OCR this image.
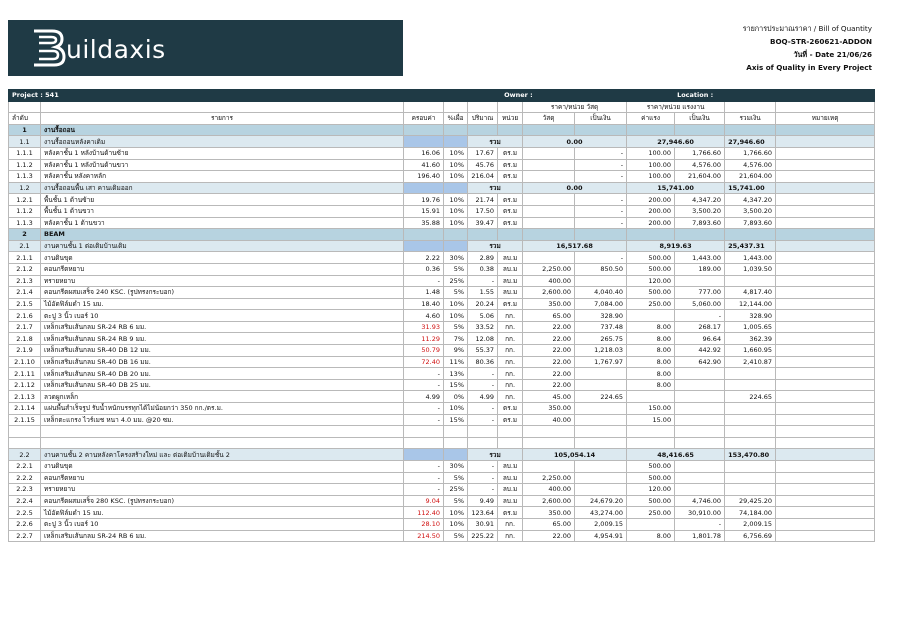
uildaxis
รายการประมาณราคา / Bill of Quantity
BOQ-STR-260621-ADDON
วันที่ - Date 21/06/26
Axis of Quality in Every Project
Project : 541					Owner :				Location :		
						ราคา/หน่วย วัสดุ		ราคา/หน่วย แรงงาน			
ลำดับ	รายการ	ครอบค่า	%เผื่อ	ปริมาณ	หน่วย	วัสดุ	เป็นเงิน	ค่าแรง	เป็นเงิน	รวมเงิน	หมายเหตุ
1	งานรื้อถอน										
1.1	งานรื้อถอนหลังคาเดิม			รวม		0.00		27,946.60		27,946.60	
1.1.1	หลังคาชั้น 1 หลังบ้านด้านซ้าย	16.06	10%	17.67	ตร.ม		-	100.00	1,766.60	1,766.60	
1.1.2	หลังคาชั้น 1 หลังบ้านด้านขวา	41.60	10%	45.76	ตร.ม		-	100.00	4,576.00	4,576.00	
1.1.3	หลังคาชั้น หลังคาหลัก	196.40	10%	216.04	ตร.ม		-	100.00	21,604.00	21,604.00	
1.2	งานรื้อถอนพื้น เสา คานเดิมออก			รวม		0.00		15,741.00		15,741.00	
1.2.1	พื้นชั้น 1 ด้านซ้าย	19.76	10%	21.74	ตร.ม		-	200.00	4,347.20	4,347.20	
1.1.2	พื้นชั้น 1 ด้านขวา	15.91	10%	17.50	ตร.ม		-	200.00	3,500.20	3,500.20	
1.1.3	หลังคาชั้น 1 ด้านขวา	35.88	10%	39.47	ตร.ม		-	200.00	7,893.60	7,893.60	
2	BEAM										
2.1	งานคานชั้น 1 ต่อเติมบ้านเดิม			รวม		16,517.68		8,919.63		25,437.31	
2.1.1	งานดินขุด	2.22	30%	2.89	ลบ.ม		-	500.00	1,443.00	1,443.00	
2.1.2	คอนกรีตหยาบ	0.36	5%	0.38	ลบ.ม	2,250.00	850.50	500.00	189.00	1,039.50	
2.1.3	ทรายหยาบ	-	25%	-	ลบ.ม	400.00		120.00			
2.1.4	คอนกรีตผสมเสร็จ 240 KSC. (รูปทรงกระบอก)	1.48	5%	1.55	ลบ.ม	2,600.00	4,040.40	500.00	777.00	4,817.40	
2.1.5	ไม้อัดฟิล์มดำ 15 มม.	18.40	10%	20.24	ตร.ม	350.00	7,084.00	250.00	5,060.00	12,144.00	
2.1.6	ตะปู 3 นิ้ว เบอร์ 10	4.60	10%	5.06	กก.	65.00	328.90		-	328.90	
2.1.7	เหล็กเสริมเส้นกลม SR-24 RB 6 มม.	31.93	5%	33.52	กก.	22.00	737.48	8.00	268.17	1,005.65	
2.1.8	เหล็กเสริมเส้นกลม SR-24 RB 9 มม.	11.29	7%	12.08	กก.	22.00	265.75	8.00	96.64	362.39	
2.1.9	เหล็กเสริมเส้นกลม SR-40 DB 12 มม.	50.79	9%	55.37	กก.	22.00	1,218.03	8.00	442.92	1,660.95	
2.1.10	เหล็กเสริมเส้นกลม SR-40 DB 16 มม.	72.40	11%	80.36	กก.	22.00	1,767.97	8.00	642.90	2,410.87	
2.1.11	เหล็กเสริมเส้นกลม SR-40 DB 20 มม.	-	13%	-	กก.	22.00		8.00			
2.1.12	เหล็กเสริมเส้นกลม SR-40 DB 25 มม.	-	15%	-	กก.	22.00		8.00			
2.1.13	ลวดผูกเหล็ก	4.99	0%	4.99	กก.	45.00	224.65			224.65	
2.1.14	แผ่นพื้นสำเร็จรูป รับน้ำหนักบรรทุกได้ไม่น้อยกว่า 350 กก./ตร.ม.	-	10%	-	ตร.ม	350.00		150.00			
2.1.15	เหล็กตะแกรง ไวร์เมช หนา 4.0 มม. @20 ซม.	-	15%	-	ตร.ม	40.00		15.00			

2.2	งานคานชั้น 2 คานหลังคาโครงสร้างใหม่ และ ต่อเติมบ้านเดิมชั้น 2			รวม		105,054.14		48,416.65		153,470.80	
2.2.1	งานดินขุด	-	30%	-	ลบ.ม			500.00			
2.2.2	คอนกรีตหยาบ	-	5%	-	ลบ.ม	2,250.00		500.00			
2.2.3	ทรายหยาบ	-	25%	-	ลบ.ม	400.00		120.00			
2.2.4	คอนกรีตผสมเสร็จ 280 KSC. (รูปทรงกระบอก)	9.04	5%	9.49	ลบ.ม	2,600.00	24,679.20	500.00	4,746.00	29,425.20	
2.2.5	ไม้อัดฟิล์มดำ 15 มม.	112.40	10%	123.64	ตร.ม	350.00	43,274.00	250.00	30,910.00	74,184.00	
2.2.6	ตะปู 3 นิ้ว เบอร์ 10	28.10	10%	30.91	กก.	65.00	2,009.15		-	2,009.15	
2.2.7	เหล็กเสริมเส้นกลม SR-24 RB 6 มม.	214.50	5%	225.22	กก.	22.00	4,954.91	8.00	1,801.78	6,756.69	
